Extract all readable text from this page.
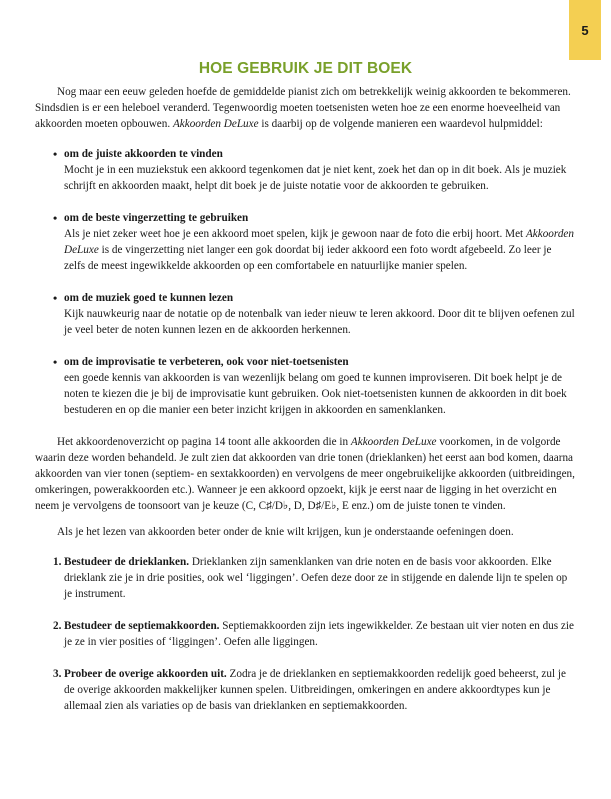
5
HOE GEBRUIK JE DIT BOEK

Nog maar een eeuw geleden hoefde de gemiddelde pianist zich om betrekkelijk weinig akkoorden te bekommeren. Sindsdien is er een heleboel veranderd. Tegenwoordig moeten toetsenisten weten hoe ze een enorme hoeveelheid van akkoorden moeten opbouwen. Akkoorden DeLuxe is daarbij op de volgende manieren een waardevol hulpmiddel:

• om de juiste akkoorden te vinden
Mocht je in een muziekstuk een akkoord tegenkomen dat je niet kent, zoek het dan op in dit boek. Als je muziek schrijft en akkoorden maakt, helpt dit boek je de juiste notatie voor de akkoorden te gebruiken.
• om de beste vingerzetting te gebruiken
Als je niet zeker weet hoe je een akkoord moet spelen, kijk je gewoon naar de foto die erbij hoort. Met Akkoorden DeLuxe is de vingerzetting niet langer een gok doordat bij ieder akkoord een foto wordt afgebeeld. Zo leer je zelfs de meest ingewikkelde akkoorden op een comfortabele en natuurlijke manier spelen.
• om de muziek goed te kunnen lezen
Kijk nauwkeurig naar de notatie op de notenbalk van ieder nieuw te leren akkoord. Door dit te blijven oefenen zul je veel beter de noten kunnen lezen en de akkoorden herkennen.
• om de improvisatie te verbeteren, ook voor niet-toetsenisten
een goede kennis van akkoorden is van wezenlijk belang om goed te kunnen improviseren. Dit boek helpt je de noten te kiezen die je bij de improvisatie kunt gebruiken. Ook niet-toetsenisten kunnen de akkoorden in dit boek bestuderen en op die manier een beter inzicht krijgen in akkoorden en samenklanken.

Het akkoordenoverzicht op pagina 14 toont alle akkoorden die in Akkoorden DeLuxe voorkomen, in de volgorde waarin deze worden behandeld. Je zult zien dat akkoorden van drie tonen (drieklanken) het eerst aan bod komen, daarna akkoorden van vier tonen (septiem- en sextakkoorden) en vervolgens de meer ongebruikelijke akkoorden (uitbreidingen, omkeringen, powerakkoorden etc.). Wanneer je een akkoord opzoekt, kijk je eerst naar de ligging in het overzicht en neem je vervolgens de toonsoort van je keuze (C, C♯/D♭, D, D♯/E♭, E enz.) om de juiste tonen te vinden.

Als je het lezen van akkoorden beter onder de knie wilt krijgen, kun je onderstaande oefeningen doen.

1. Bestudeer de drieklanken. Drieklanken zijn samenklanken van drie noten en de basis voor akkoorden. Elke drieklank zie je in drie posities, ook wel ‘liggingen’. Oefen deze door ze in stijgende en dalende lijn te spelen op je instrument.
2. Bestudeer de septiemakkoorden. Septiemakkoorden zijn iets ingewikkelder. Ze bestaan uit vier noten en dus zie je ze in vier posities of ‘liggingen’. Oefen alle liggingen.
3. Probeer de overige akkoorden uit. Zodra je de drieklanken en septiemakkoorden redelijk goed beheerst, zul je de overige akkoorden makkelijker kunnen spelen. Uitbreidingen, omkeringen en andere akkoordtypes kun je allemaal zien als variaties op de basis van drieklanken en septiemakkoorden.
